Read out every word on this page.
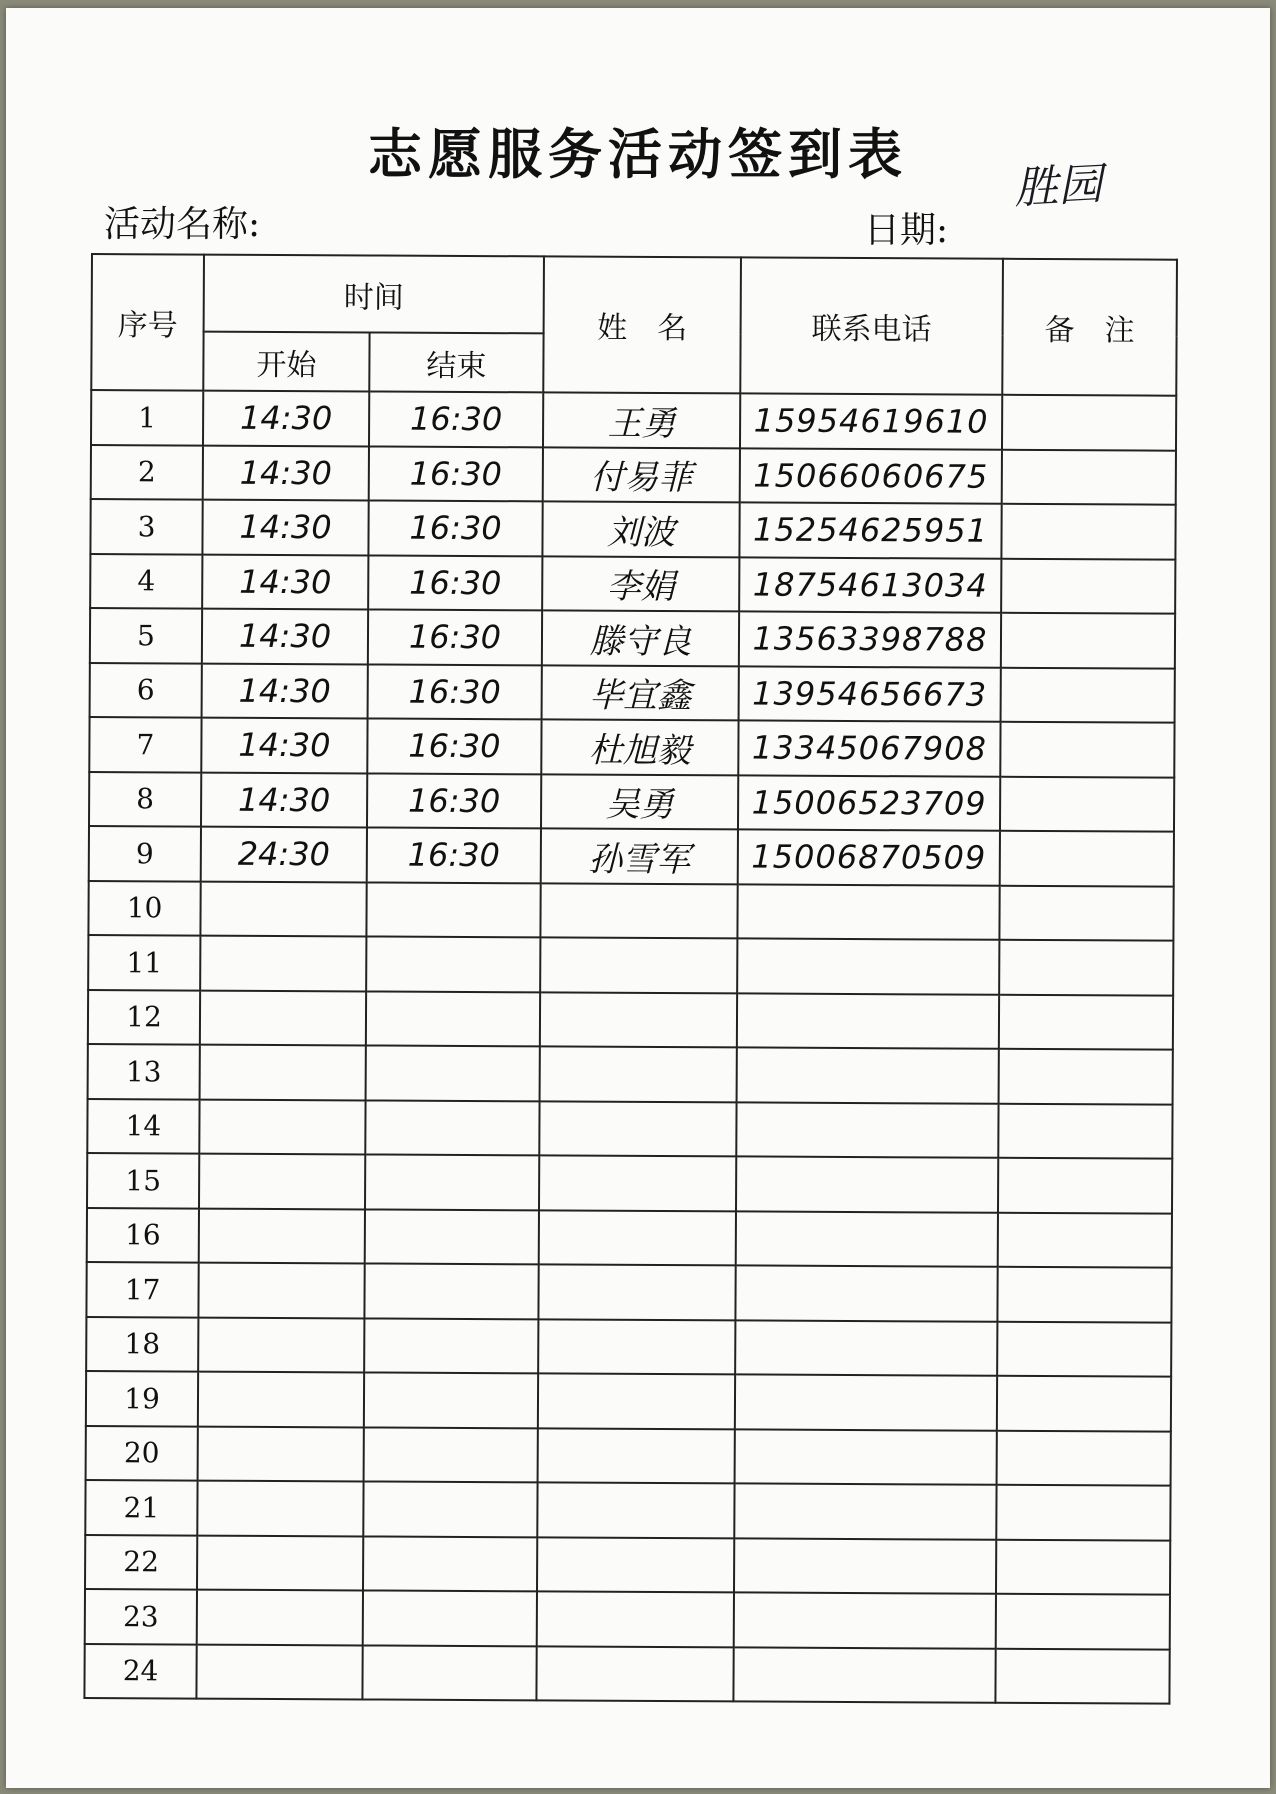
志愿服务活动签到表
胜园
活动名称:	日期:
序号	时间		姓　名	联系电话	备　注
	开始	结束			
1	14:30	16:30	王勇	15954619610	
2	14:30	16:30	付易菲	15066060675	
3	14:30	16:30	刘波	15254625951	
4	14:30	16:30	李娟	18754613034	
5	14:30	16:30	滕守良	13563398788	
6	14:30	16:30	毕宜鑫	13954656673	
7	14:30	16:30	杜旭毅	13345067908	
8	14:30	16:30	吴勇	15006523709	
9	24:30	16:30	孙雪军	15006870509	
10					
11					
12					
13					
14					
15					
16					
17					
18					
19					
20					
21					
22					
23					
24					
